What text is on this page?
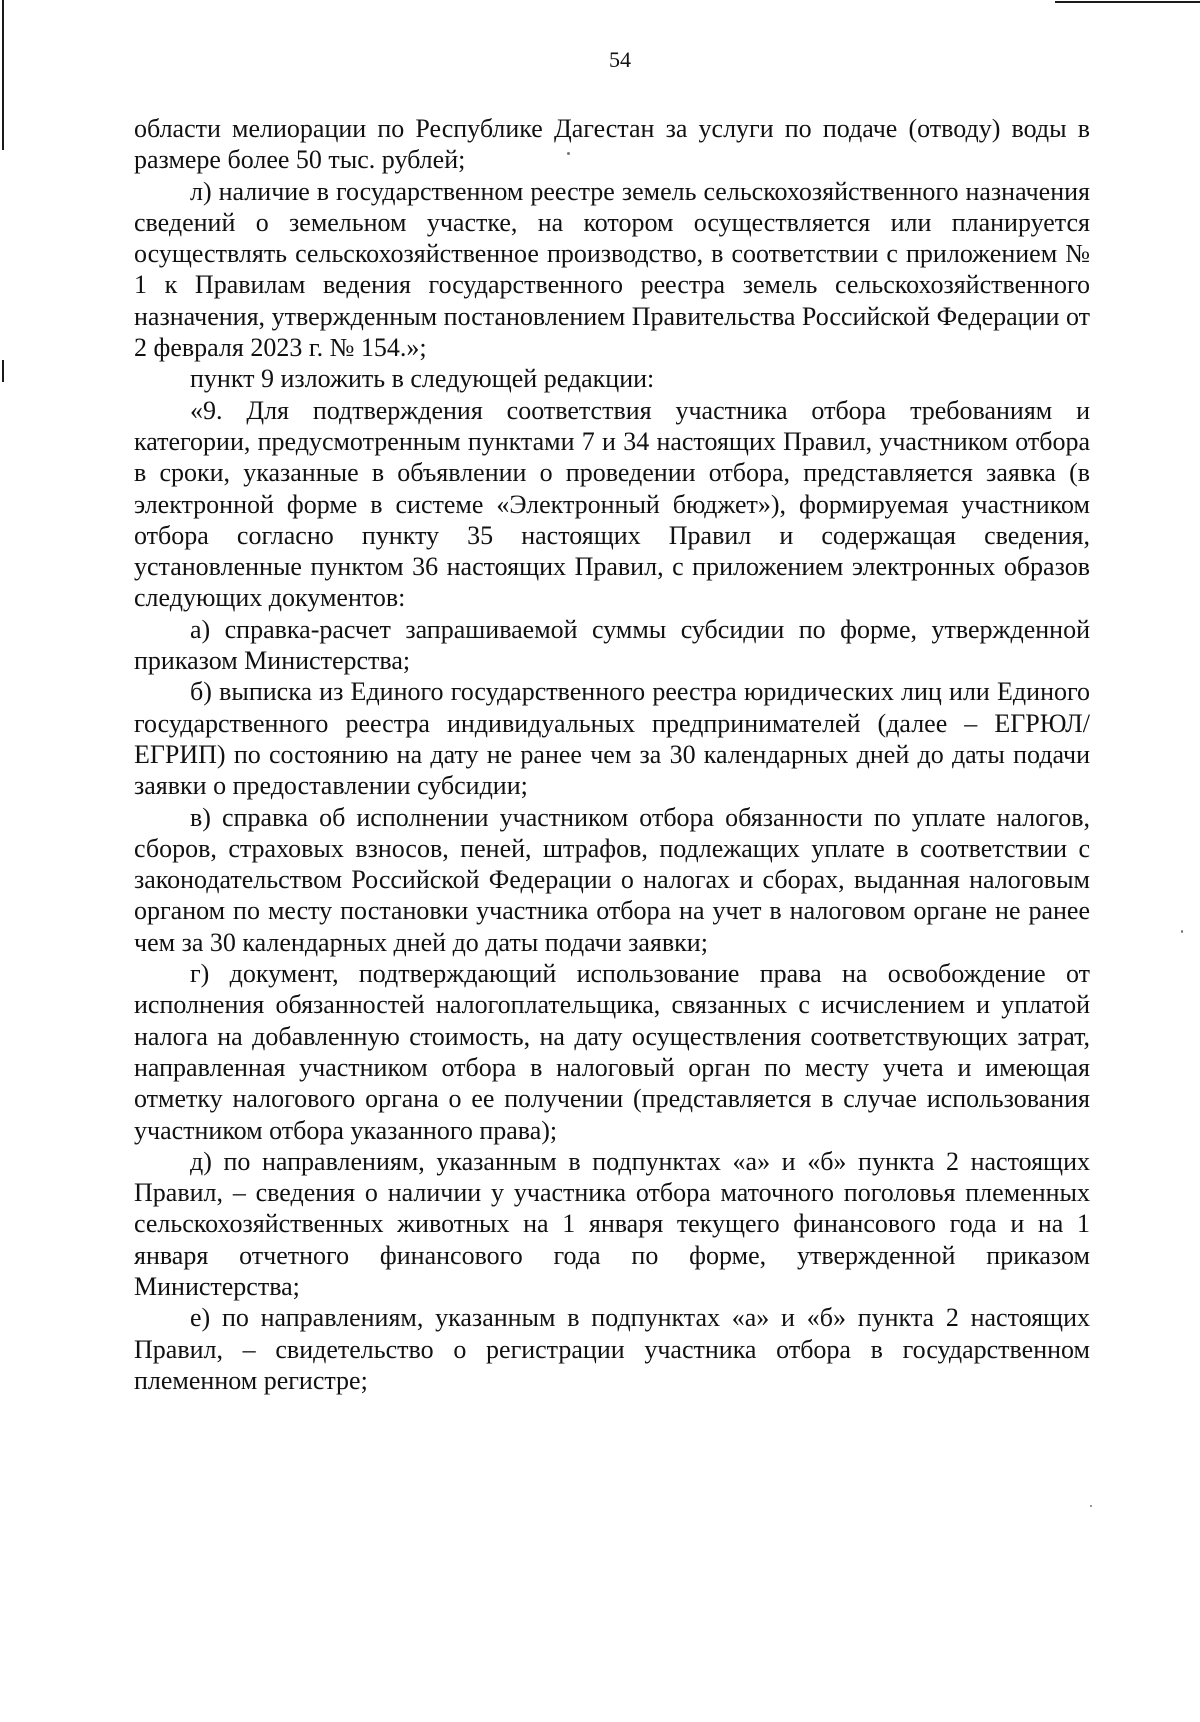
54

области мелиорации по Республике Дагестан за услуги по подаче (отводу) воды в размере более 50 тыс. рублей;

л) наличие в государственном реестре земель сельскохозяйственного назначения сведений о земельном участке, на котором осуществляется или планируется осуществлять сельскохозяйственное производство, в соответствии с приложением № 1 к Правилам ведения государственного реестра земель сельскохозяйственного назначения, утвержденным постановлением Правительства Российской Федерации от 2 февраля 2023 г. № 154.»;

пункт 9 изложить в следующей редакции:

«9. Для подтверждения соответствия участника отбора требованиям и категории, предусмотренным пунктами 7 и 34 настоящих Правил, участником отбора в сроки, указанные в объявлении о проведении отбора, представляется заявка (в электронной форме в системе «Электронный бюджет»), формируемая участником отбора согласно пункту 35 настоящих Правил и содержащая сведения, установленные пунктом 36 настоящих Правил, с приложением электронных образов следующих документов:

а) справка-расчет запрашиваемой суммы субсидии по форме, утвержденной приказом Министерства;

б) выписка из Единого государственного реестра юридических лиц или Единого государственного реестра индивидуальных предпринимателей (далее – ЕГРЮЛ/ЕГРИП) по состоянию на дату не ранее чем за 30 календарных дней до даты подачи заявки о предоставлении субсидии;

в) справка об исполнении участником отбора обязанности по уплате налогов, сборов, страховых взносов, пеней, штрафов, подлежащих уплате в соответствии с законодательством Российской Федерации о налогах и сборах, выданная налоговым органом по месту постановки участника отбора на учет в налоговом органе не ранее чем за 30 календарных дней до даты подачи заявки;

г) документ, подтверждающий использование права на освобождение от исполнения обязанностей налогоплательщика, связанных с исчислением и уплатой налога на добавленную стоимость, на дату осуществления соответствующих затрат, направленная участником отбора в налоговый орган по месту учета и имеющая отметку налогового органа о ее получении (представляется в случае использования участником отбора указанного права);

д) по направлениям, указанным в подпунктах «а» и «б» пункта 2 настоящих Правил, – сведения о наличии у участника отбора маточного поголовья племенных сельскохозяйственных животных на 1 января текущего финансового года и на 1 января отчетного финансового года по форме, утвержденной приказом Министерства;

е) по направлениям, указанным в подпунктах «а» и «б» пункта 2 настоящих Правил, – свидетельство о регистрации участника отбора в государственном племенном регистре;
